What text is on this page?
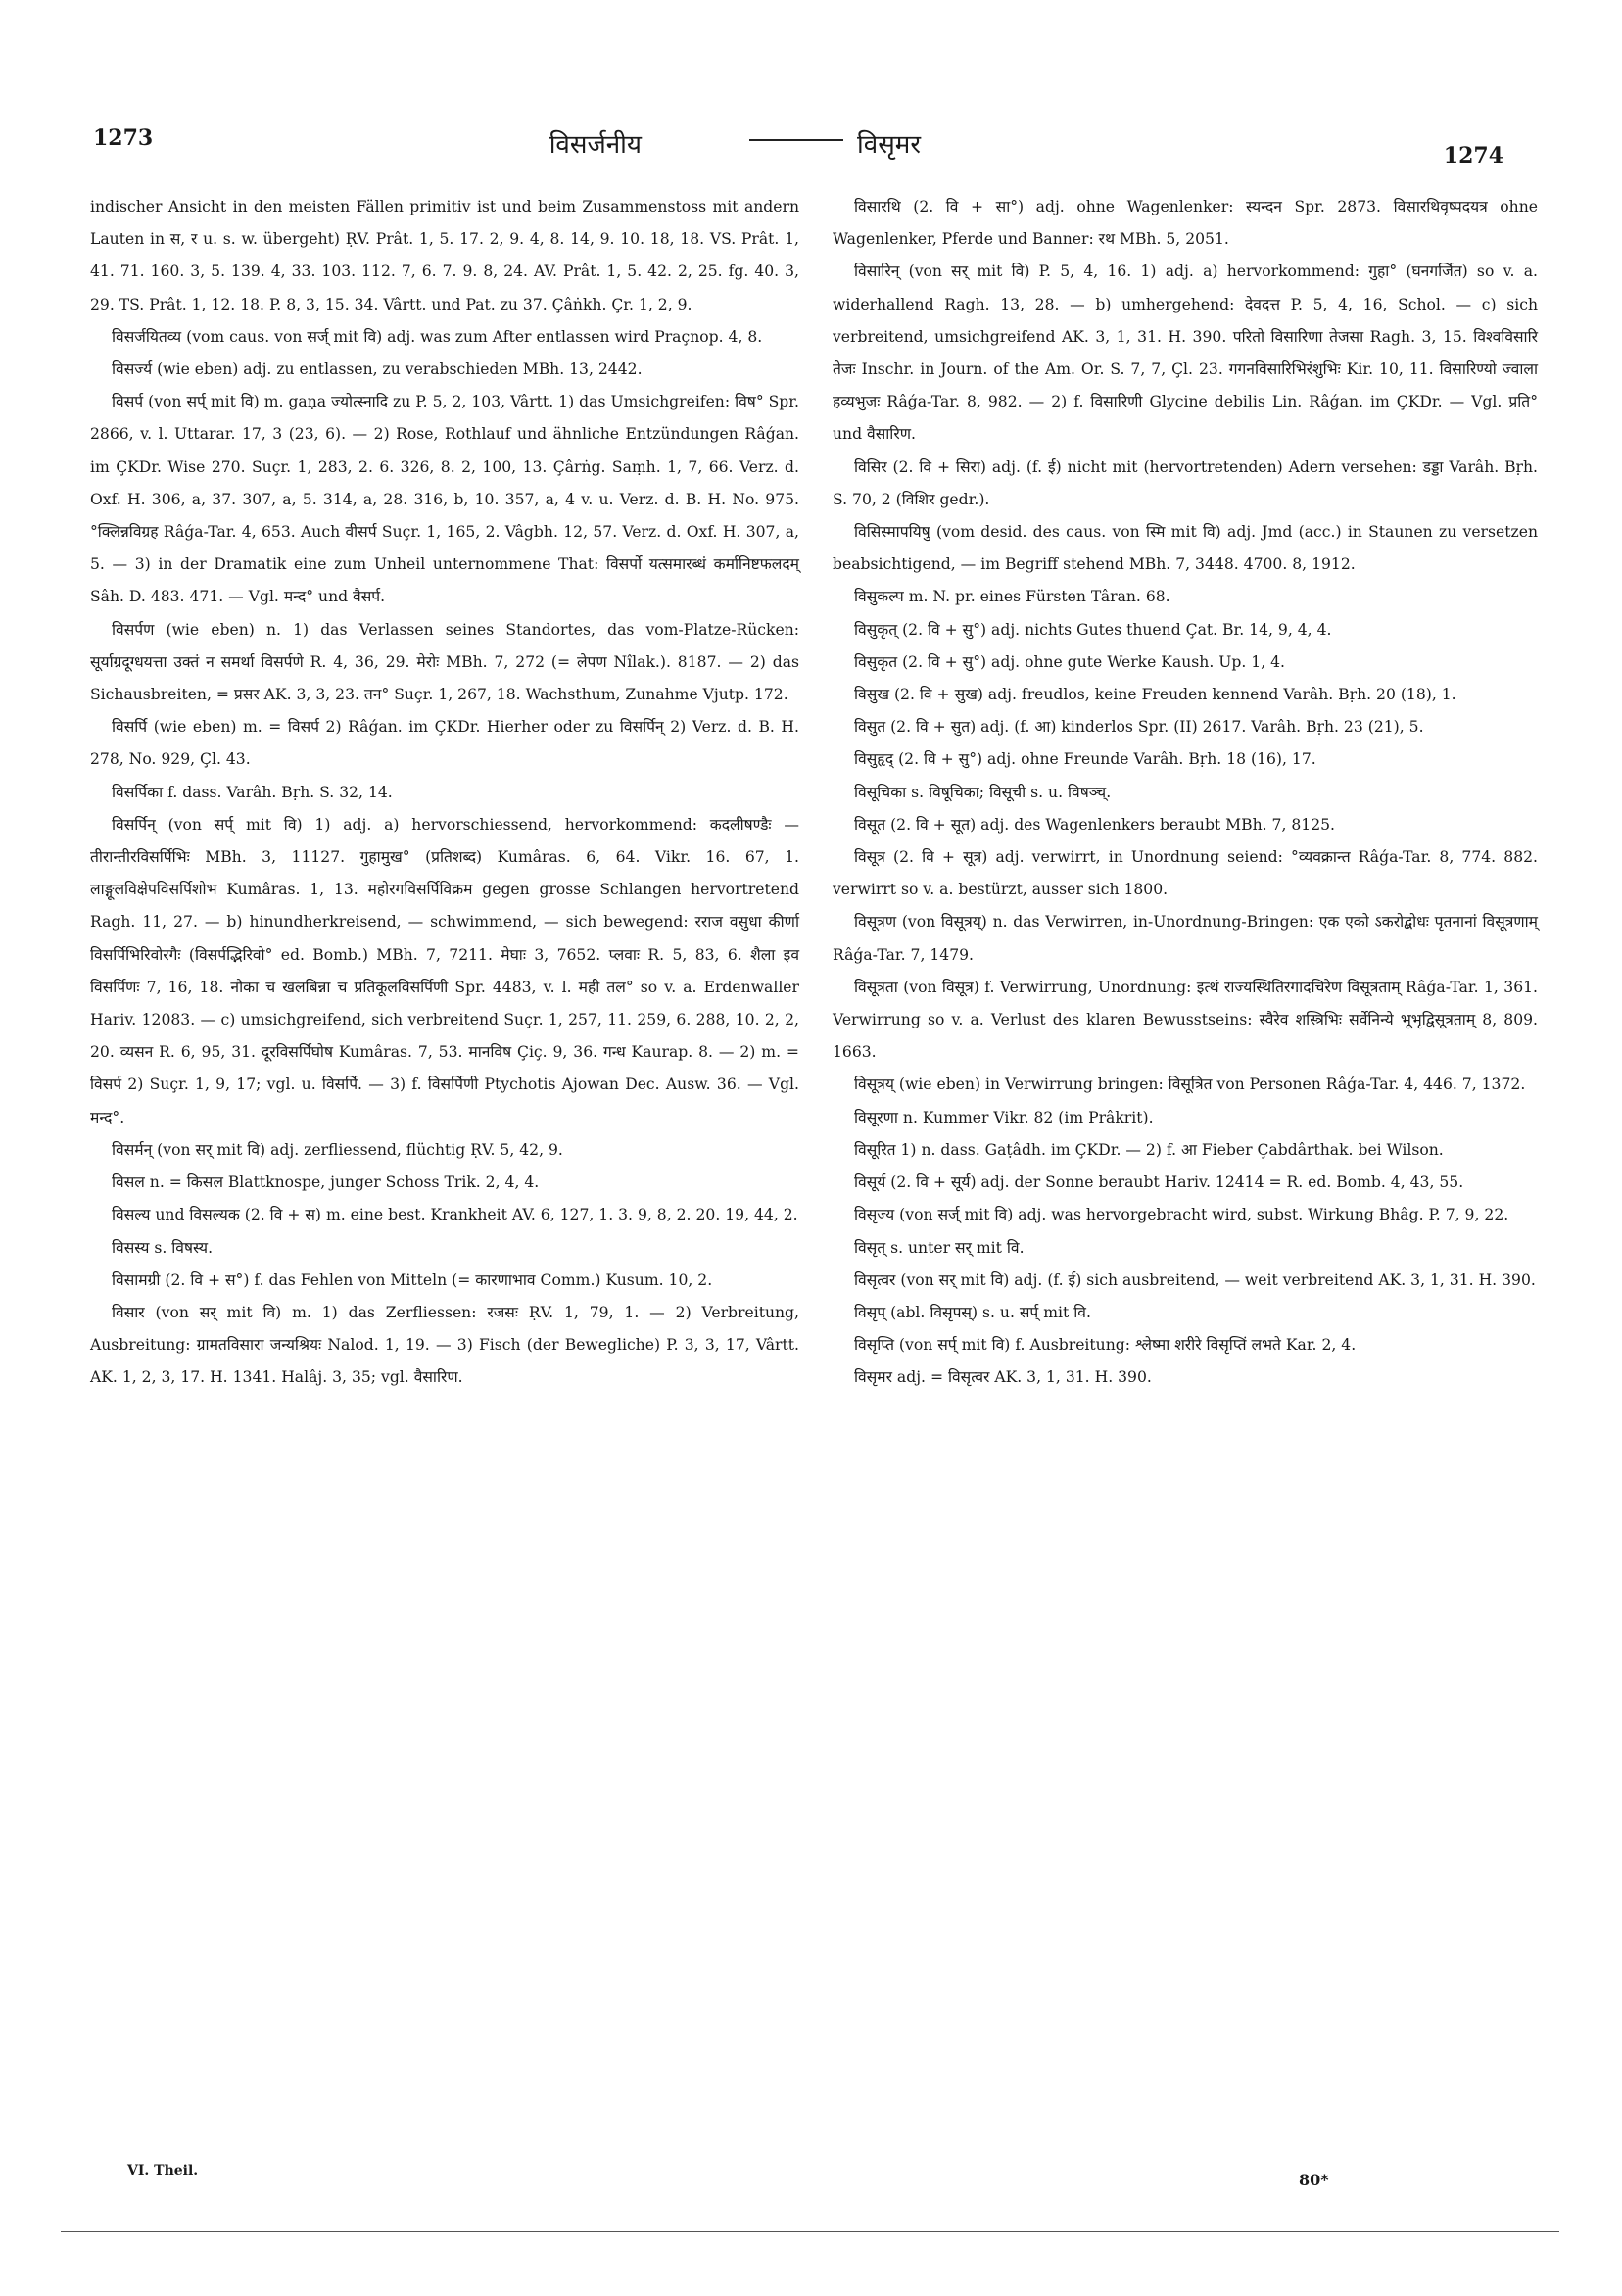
1273	विसर्जनीय	विसृमर	1274

indischer Ansicht in den meisten Fällen primitiv ist und beim Zusammenstoss mit andern Lauten in स, र u. s. w. übergeht) ṚV. Prât. 1, 5. 17. 2, 9. 4, 8. 14, 9. 10. 18, 18. VS. Prât. 1, 41. 71. 160. 3, 5. 139. 4, 33. 103. 112. 7, 6. 7. 9. 8, 24. AV. Prât. 1, 5. 42. 2, 25. fg. 40. 3, 29. TS. Prât. 1, 12. 18. P. 8, 3, 15. 34. Vârtt. und Pat. zu 37. Çâṅkh. Çr. 1, 2, 9.

विसर्जयितव्य (vom caus. von सर्ज् mit वि) adj. was zum After entlassen wird Praçnop. 4, 8.

विसर्ज्य (wie eben) adj. zu entlassen, zu verabschieden MBh. 13, 2442.

विसर्प (von सर्प् mit वि) m. gaṇa ज्योत्स्नादि zu P. 5, 2, 103, Vârtt. 1) das Umsichgreifen: विष° Spr. 2866, v. l. Uttarar. 17, 3 (23, 6). — 2) Rose, Rothlauf und ähnliche Entzündungen Râǵan. im ÇKDr. Wise 270. Suçr. 1, 283, 2. 6. 326, 8. 2, 100, 13. Çârṅg. Saṃh. 1, 7, 66. Verz. d. Oxf. H. 306, a, 37. 307, a, 5. 314, a, 28. 316, b, 10. 357, a, 4 v. u. Verz. d. B. H. No. 975. °क्लिन्नविग्रह Râǵa-Tar. 4, 653. Auch वीसर्प Suçr. 1, 165, 2. Vâgbh. 12, 57. Verz. d. Oxf. H. 307, a, 5. — 3) in der Dramatik eine zum Unheil unternommene That: विसर्पो यत्समारब्धं कर्मानिष्टफलदम् Sâh. D. 483. 471. — Vgl. मन्द° und वैसर्प.

विसर्पण (wie eben) n. 1) das Verlassen seines Standortes, das vom-Platze-Rücken: सूर्याग्रदूग्धयत्ता उक्तं न समर्था विसर्पणे R. 4, 36, 29. मेरोः MBh. 7, 272 (= लेपण Nîlak.). 8187. — 2) das Sichausbreiten, = प्रसर AK. 3, 3, 23. तन° Suçr. 1, 267, 18. Wachsthum, Zunahme Vjutp. 172.

विसर्पि (wie eben) m. = विसर्प 2) Râǵan. im ÇKDr. Hierher oder zu विसर्पिन् 2) Verz. d. B. H. 278, No. 929, Çl. 43.

विसर्पिका f. dass. Varâh. Bṛh. S. 32, 14.

विसर्पिन् (von सर्प् mit वि) 1) adj. a) hervorschiessend, hervorkommend: कदलीषण्डैः — तीरान्तीरविसर्पिभिः MBh. 3, 11127. गुहामुख° (प्रतिशब्द) Kumâras. 6, 64. Vikr. 16. 67, 1. लाङ्गूलविक्षेपविसर्पिशोभ Kumâras. 1, 13. महोरगविसर्पिविक्रम gegen grosse Schlangen hervortretend Ragh. 11, 27. — b) hinundherkreisend, — schwimmend, — sich bewegend: रराज वसुधा कीर्णा विसर्पिभिरिवोरगैः (विसर्पद्भिरिवो° ed. Bomb.) MBh. 7, 7211. मेघाः 3, 7652. प्लवाः R. 5, 83, 6. शैला इव विसर्पिणः 7, 16, 18. नौका च खलबिन्ना च प्रतिकूलविसर्पिणी Spr. 4483, v. l. मही तल° so v. a. Erdenwaller Hariv. 12083. — c) umsichgreifend, sich verbreitend Suçr. 1, 257, 11. 259, 6. 288, 10. 2, 2, 20. व्यसन R. 6, 95, 31. दूरविसर्पिघोष Kumâras. 7, 53. मानविष Çiç. 9, 36. गन्ध Kaurap. 8. — 2) m. = विसर्प 2) Suçr. 1, 9, 17; vgl. u. विसर्पि. — 3) f. विसर्पिणी Ptychotis Ajowan Dec. Ausw. 36. — Vgl. मन्द°.

विसर्मन् (von सर् mit वि) adj. zerfliessend, flüchtig ṚV. 5, 42, 9.

विसल n. = किसल Blattknospe, junger Schoss Trik. 2, 4, 4.

विसल्य und विसल्यक (2. वि + स) m. eine best. Krankheit AV. 6, 127, 1. 3. 9, 8, 2. 20. 19, 44, 2.

विसस्य s. विषस्य.

विसामग्री (2. वि + स°) f. das Fehlen von Mitteln (= कारणाभाव Comm.) Kusum. 10, 2.

विसार (von सर् mit वि) m. 1) das Zerfliessen: रजसः ṚV. 1, 79, 1. — 2) Verbreitung, Ausbreitung: ग्रामतविसारा जन्यश्रियः Nalod. 1, 19. — 3) Fisch (der Bewegliche) P. 3, 3, 17, Vârtt. AK. 1, 2, 3, 17. H. 1341. Halâj. 3, 35; vgl. वैसारिण.

विसारथि (2. वि + सा°) adj. ohne Wagenlenker: स्यन्दन Spr. 2873. विसारथिवृष्पदयत्र ohne Wagenlenker, Pferde und Banner: रथ MBh. 5, 2051.

विसारिन् (von सर् mit वि) P. 5, 4, 16. 1) adj. a) hervorkommend: गुहा° (घनगर्जित) so v. a. widerhallend Ragh. 13, 28. — b) umhergehend: देवदत्त P. 5, 4, 16, Schol. — c) sich verbreitend, umsichgreifend AK. 3, 1, 31. H. 390. परितो विसारिणा तेजसा Ragh. 3, 15. विश्वविसारि तेजः Inschr. in Journ. of the Am. Or. S. 7, 7, Çl. 23. गगनविसारिभिरंशुभिः Kir. 10, 11. विसारिण्यो ज्वाला हव्यभुजः Râǵa-Tar. 8, 982. — 2) f. विसारिणी Glycine debilis Lin. Râǵan. im ÇKDr. — Vgl. प्रति° und वैसारिण.

विसिर (2. वि + सिरा) adj. (f. ई) nicht mit (hervortretenden) Adern versehen: डड्डा Varâh. Bṛh. S. 70, 2 (विशिर gedr.).

विसिस्मापयिषु (vom desid. des caus. von स्मि mit वि) adj. Jmd (acc.) in Staunen zu versetzen beabsichtigend, — im Begriff stehend MBh. 7, 3448. 4700. 8, 1912.

विसुकल्प m. N. pr. eines Fürsten Târan. 68.

विसुकृत् (2. वि + सु°) adj. nichts Gutes thuend Çat. Br. 14, 9, 4, 4.

विसुकृत (2. वि + सु°) adj. ohne gute Werke Kaush. Up. 1, 4.

विसुख (2. वि + सुख) adj. freudlos, keine Freuden kennend Varâh. Bṛh. 20 (18), 1.

विसुत (2. वि + सुत) adj. (f. आ) kinderlos Spr. (II) 2617. Varâh. Bṛh. 23 (21), 5.

विसुहृद् (2. वि + सु°) adj. ohne Freunde Varâh. Bṛh. 18 (16), 17.

विसूचिका s. विषूचिका; विसूची s. u. विषञ्च्.

विसूत (2. वि + सूत) adj. des Wagenlenkers beraubt MBh. 7, 8125.

विसूत्र (2. वि + सूत्र) adj. verwirrt, in Unordnung seiend: °व्यवक्रान्त Râǵa-Tar. 8, 774. 882. verwirrt so v. a. bestürzt, ausser sich 1800.

विसूत्रण (von विसूत्रय्) n. das Verwirren, in-Unordnung-Bringen: एक एको ऽकरोद्बोधः पृतनानां विसूत्रणाम् Râǵa-Tar. 7, 1479.

विसूत्रता (von विसूत्र) f. Verwirrung, Unordnung: इत्थं राज्यस्थितिरगादचिरेण विसूत्रताम् Râǵa-Tar. 1, 361. Verwirrung so v. a. Verlust des klaren Bewusstseins: स्वैरेव शस्त्रिभिः सर्वेनिन्ये भूभृद्विसूत्रताम् 8, 809. 1663.

विसूत्रय् (wie eben) in Verwirrung bringen: विसूत्रित von Personen Râǵa-Tar. 4, 446. 7, 1372.

विसूरणा n. Kummer Vikr. 82 (im Prâkrit).

विसूरित 1) n. dass. Gaṭâdh. im ÇKDr. — 2) f. आ Fieber Çabdârthak. bei Wilson.

विसूर्य (2. वि + सूर्य) adj. der Sonne beraubt Hariv. 12414 = R. ed. Bomb. 4, 43, 55.

विसृज्य (von सर्ज् mit वि) adj. was hervorgebracht wird, subst. Wirkung Bhâg. P. 7, 9, 22.

विसृत् s. unter सर् mit वि.

विसृत्वर (von सर् mit वि) adj. (f. ई) sich ausbreitend, — weit verbreitend AK. 3, 1, 31. H. 390.

विसृप् (abl. विसृपस्) s. u. सर्प् mit वि.

विसृप्ति (von सर्प् mit वि) f. Ausbreitung: श्लेष्मा शरीरे विसृप्तिं लभते Kar. 2, 4.

विसृमर adj. = विसृत्वर AK. 3, 1, 31. H. 390.

VI. Theil.	80*
